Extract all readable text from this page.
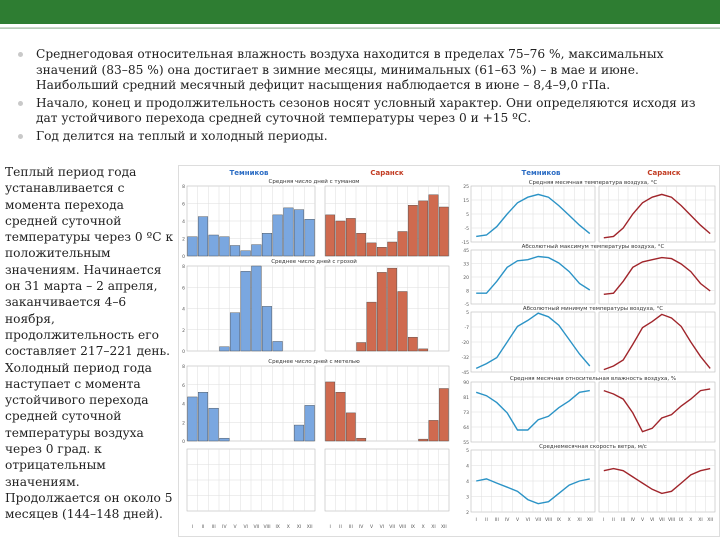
Среднегодовая относительная влажность воздуха находится в пределах 75–76 %, максимальных значений (83–85 %) она достигает в зимние месяцы, минимальных (61–63 %) – в мае и июне. Наибольший средний месячный дефицит насыщения наблюдается в июне – 8,4–9,0 гПа.
Начало, конец и продолжительность сезонов носят условный характер. Они определяются исходя из дат устойчивого перехода средней суточной температуры через 0 и +15 ºС.
Год делится на теплый и холодный периоды.
Теплый период года устанавливается с момента перехода средней суточной температуры через 0 ºС к положительным значениям. Начинается он 31 марта – 2 апреля, заканчивается 4–6 ноября, продолжительность его составляет 217–221 день. Холодный период года наступает с момента устойчивого перехода средней суточной температуры воздуха через 0 град. к отрицательным значениям. Продолжается он около 5 месяцев (144–148 дней).
Темников	Саранск	Темников	Саранск
Средняя число дней с туманом
0
2
4
6
8
Среднее число дней с грозой
0
2
4
6
8
Среднее число дней с метелью
0
2
4
6
8
I II III IV V VI VII VIII IX X XI XII	I II III IV V VI VII VIII IX X XI XII
Средняя месячная температура воздуха, °С
-15
-5
5
15
25
Абсолютный максимум температуры воздуха, °С
-5
8
20
33
45
Абсолютный минимум температуры воздуха, °С
-45
-32
-20
-7
5
Средняя месячная относительная влажность воздуха, %
55
64
73
81
90
Среднемесячная скорость ветра, м/с
2
3
4
4
5
I II III IV V VI VII VIII IX X XI XII I II III IV V VI VII VIII IX X XI XII
